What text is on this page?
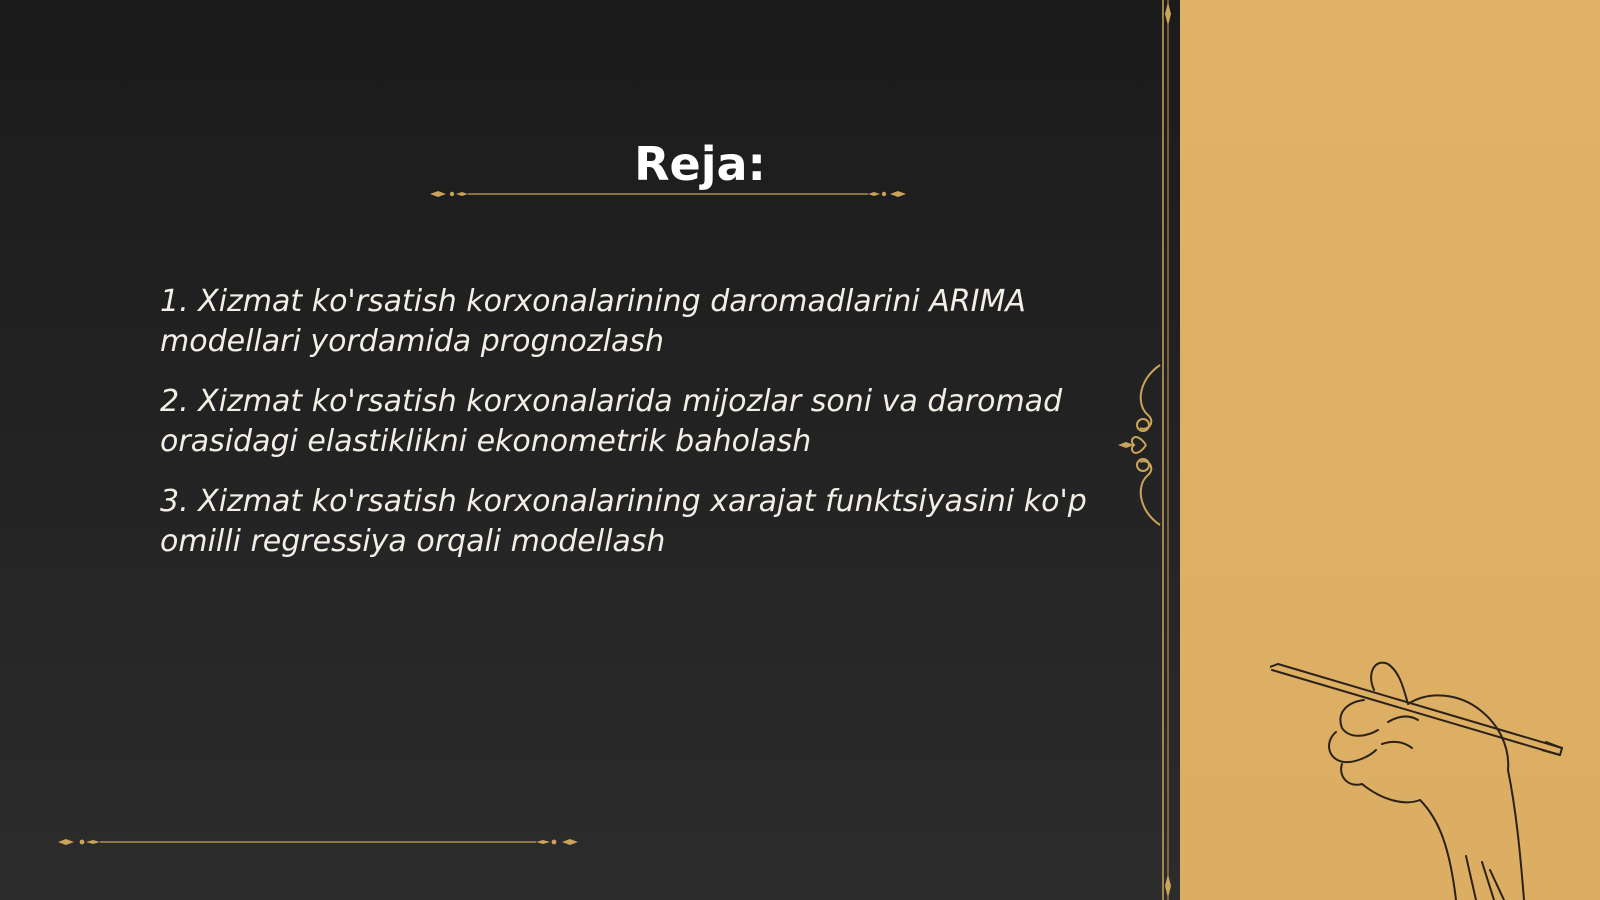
Reja:
1. Xizmat ko'rsatish korxonalarining daromadlarini ARIMA modellari yordamida prognozlash
2. Xizmat ko'rsatish korxonalarida mijozlar soni va daromad orasidagi elastiklikni ekonometrik baholash
3. Xizmat ko'rsatish korxonalarining xarajat funktsiyasini ko'p omilli regressiya orqali modellash
